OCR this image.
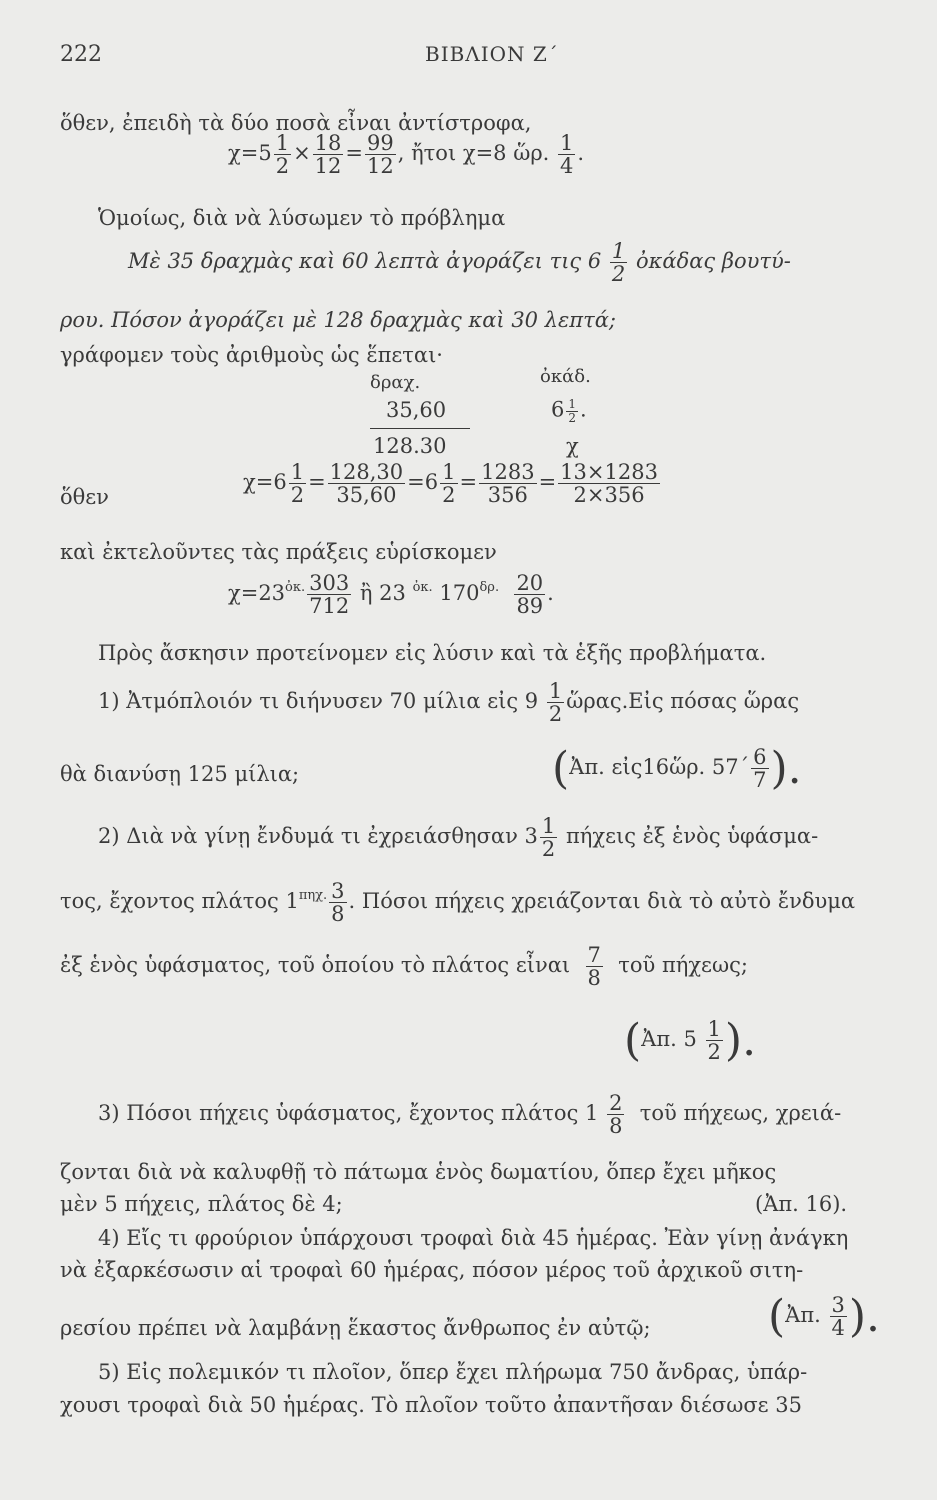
222	ΒΙΒΛΙΟΝ Ζ΄
ὅθεν, ἐπειδὴ τὰ δύο ποσὰ εἶναι ἀντίστροφα,
$\chi=5 \frac{1}{2} \times \frac{18}{12} = \frac{99}{12}$ , ἤτοι χ=8 ὥρ. $\frac{1}{4}$ .
Ὁμοίως, διὰ νὰ λύσωμεν τὸ πρόβλημα
Μὲ 35 δραχμὰς καὶ 60 λεπτὰ ἀγοράζει τις $6 \frac{1}{2}$ ὀκάδας βουτύ-
ρου. Πόσον ἀγοράζει μὲ 128 δραχμὰς καὶ 30 λεπτά;
γράφομεν τοὺς ἀριθμοὺς ὡς ἕπεται·
δραχ.	ὀκάδ.
35,60	$6 \frac{1}{2}$ .
128.30	χ
ὅθεν
$\chi=6 \frac{1}{2} = \frac{128,30}{35,60} =6 \frac{1}{2} = \frac{1283}{356} = \frac{13\times 1283}{2\times 356}$
καὶ ἐκτελοῦντες τὰς πράξεις εὑρίσκομεν
$\chi=23^{ὀ\kappa.} \frac{303}{712}$ ἢ 23 $^{ὀ\kappa.}$ $170^{\delta\rho.} \frac{20}{89}$ .
Πρὸς ἄσκησιν προτείνομεν εἰς λύσιν καὶ τὰ ἑξῆς προβλήματα.
1) Ἀτμόπλοιόν τι διήνυσεν 70 μίλια εἰς $9 \frac{1}{2}$ ὥρας.Εἰς πόσας ὥρας
θὰ διανύσῃ 125 μίλια;	(Ἀπ. εἰς16ὥρ. $57΄ \frac{6}{7}$ ).
2) Διὰ νὰ γίνῃ ἔνδυμά τι ἐχρειάσθησαν $3 \frac{1}{2}$ πήχεις ἐξ ἑνὸς ὑφάσμα-
τος, ἔχοντος πλάτος $1^{\pi\eta\chi.} \frac{3}{8}$ . Πόσοι πήχεις χρειάζονται διὰ τὸ αὐτὸ ἔνδυμα
ἐξ ἑνὸς ὑφάσματος, τοῦ ὁποίου τὸ πλάτος εἶναι $\frac{7}{8}$ τοῦ πήχεως;
(Ἀπ. $5 \frac{1}{2}$ ).
3) Πόσοι πήχεις ὑφάσματος, ἔχοντος πλάτος $1 \frac{2}{8}$ τοῦ πήχεως, χρειά-
ζονται διὰ νὰ καλυφθῇ τὸ πάτωμα ἑνὸς δωματίου, ὅπερ ἔχει μῆκος
μὲν 5 πήχεις, πλάτος δὲ 4;	(Ἀπ. 16).
4) Εἴς τι φρούριον ὑπάρχουσι τροφαὶ διὰ 45 ἡμέρας. Ἐὰν γίνῃ ἀνάγκη
νὰ ἐξαρκέσωσιν αἱ τροφαὶ 60 ἡμέρας, πόσον μέρος τοῦ ἀρχικοῦ σιτη-
ρεσίου πρέπει νὰ λαμβάνῃ ἕκαστος ἄνθρωπος ἐν αὐτῷ;	(Ἀπ. $\frac{3}{4}$ ).
5) Εἰς πολεμικόν τι πλοῖον, ὅπερ ἔχει πλήρωμα 750 ἄνδρας, ὑπάρ-
χουσι τροφαὶ διὰ 50 ἡμέρας. Τὸ πλοῖον τοῦτο ἀπαντῆσαν διέσωσε 35
